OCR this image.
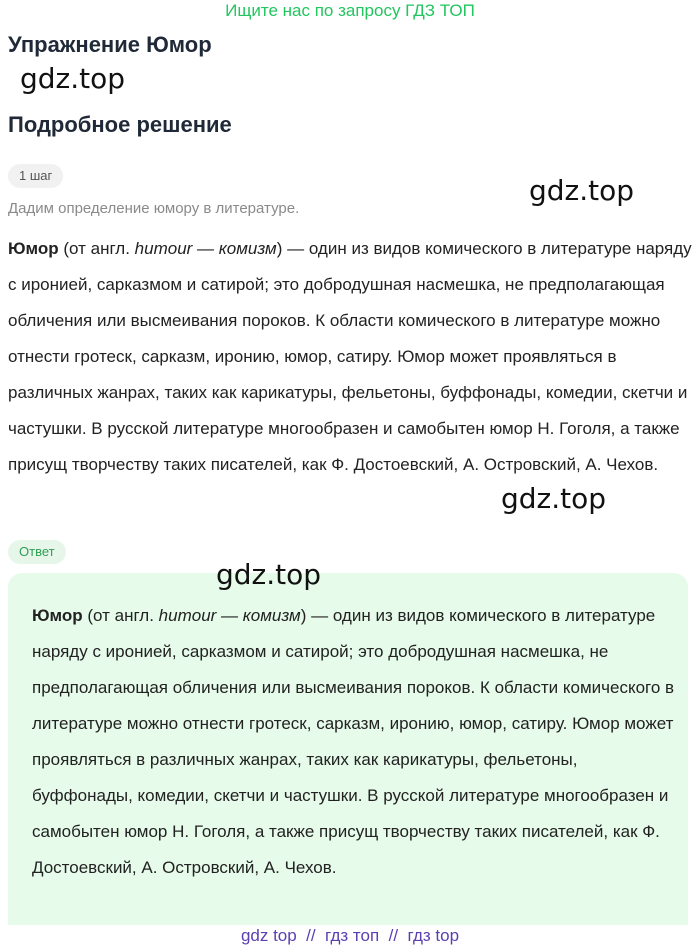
Ищите нас по запросу ГДЗ ТОП
Упражнение Юмор
gdz.top
Подробное решение
1 шаг	gdz.top
Дадим определение юмору в литературе.
Юмор (от англ. humour — комизм) — один из видов комического в литературе наряду с иронией, сарказмом и сатирой; это добродушная насмешка, не предполагающая обличения или высмеивания пороков. К области комического в литературе можно отнести гротеск, сарказм, иронию, юмор, сатиру. Юмор может проявляться в различных жанрах, таких как карикатуры, фельетоны, буффонады, комедии, скетчи и частушки. В русской литературе многообразен и самобытен юмор Н. Гоголя, а также присущ творчеству таких писателей, как Ф. Достоевский, А. Островский, А. Чехов.
gdz.top
Ответ
gdz.top
Юмор (от англ. humour — комизм) — один из видов комического в литературе наряду с иронией, сарказмом и сатирой; это добродушная насмешка, не предполагающая обличения или высмеивания пороков. К области комического в литературе можно отнести гротеск, сарказм, иронию, юмор, сатиру. Юмор может проявляться в различных жанрах, таких как карикатуры, фельетоны, буффонады, комедии, скетчи и частушки. В русской литературе многообразен и самобытен юмор Н. Гоголя, а также присущ творчеству таких писателей, как Ф. Достоевский, А. Островский, А. Чехов.
gdz top  //  гдз топ  //  гдз top
